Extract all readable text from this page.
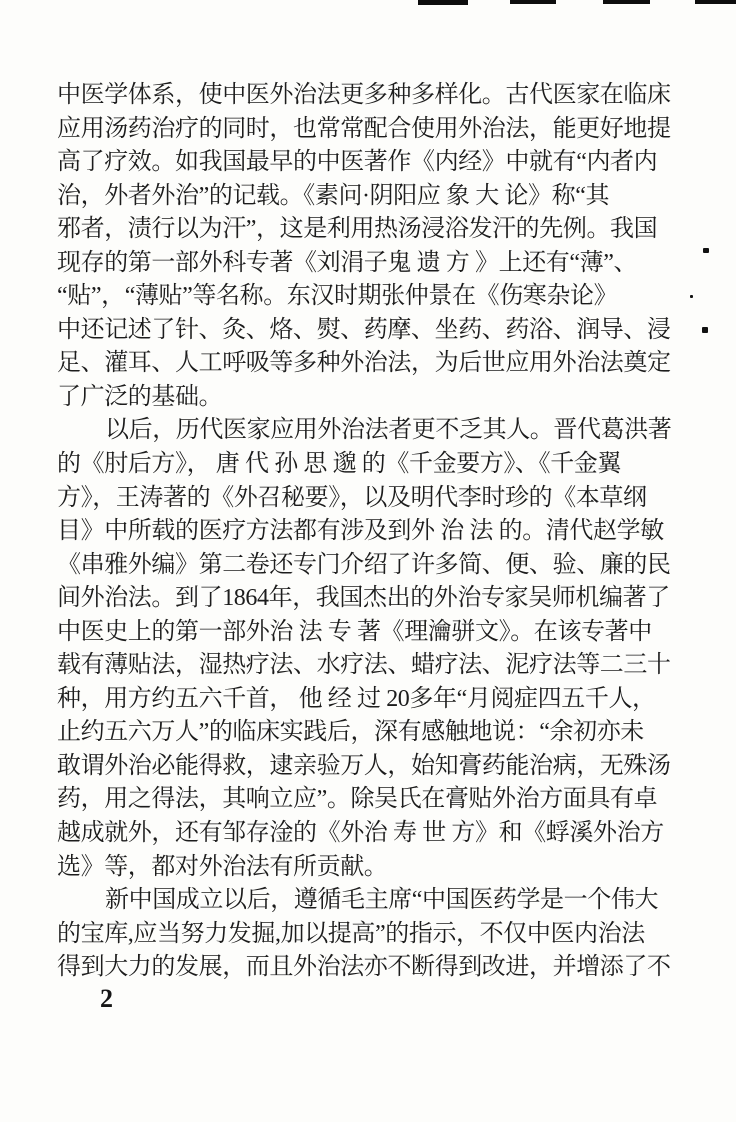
中医学体系，使中医外治法更多种多样化。古代医家在临床
应用汤药治疗的同时，也常常配合使用外治法，能更好地提
高了疗效。如我国最早的中医著作《内经》中就有“内者内
治，外者外治”的记载。《素问·阴阳应 象 大 论》称“其
邪者，渍行以为汗”，这是利用热汤浸浴发汗的先例。我国
现存的第一部外科专著《刘涓子鬼 遗 方 》上还有“薄”、
“贴”，“薄贴”等名称。东汉时期张仲景在《伤寒杂论》
中还记述了针、灸、烙、熨、药摩、坐药、药浴、润导、浸
足、灌耳、人工呼吸等多种外治法，为后世应用外治法奠定
了广泛的基础。
以后，历代医家应用外治法者更不乏其人。晋代葛洪著
的《肘后方》， 唐 代 孙 思 邈 的《千金要方》、《千金翼
方》，王涛著的《外召秘要》，以及明代李时珍的《本草纲
目》中所载的医疗方法都有涉及到外 治 法 的。清代赵学敏
《串雅外编》第二卷还专门介绍了许多简、便、验、廉的民
间外治法。到了1864年，我国杰出的外治专家吴师机编著了
中医史上的第一部外治 法 专 著《理瀹骈文》。在该专著中
载有薄贴法，湿热疗法、水疗法、蜡疗法、泥疗法等二三十
种，用方约五六千首， 他 经 过 20多年“月阅症四五千人，
止约五六万人”的临床实践后，深有感触地说：“余初亦未
敢谓外治必能得救，逮亲验万人，始知膏药能治病，无殊汤
药，用之得法，其响立应”。除吴氏在膏贴外治方面具有卓
越成就外，还有邹存淦的《外治 寿 世 方》和《蜉溪外治方
选》等，都对外治法有所贡献。
新中国成立以后，遵循毛主席“中国医药学是一个伟大
的宝库,应当努力发掘,加以提高”的指示，不仅中医内治法
得到大力的发展，而且外治法亦不断得到改进，并增添了不
2
